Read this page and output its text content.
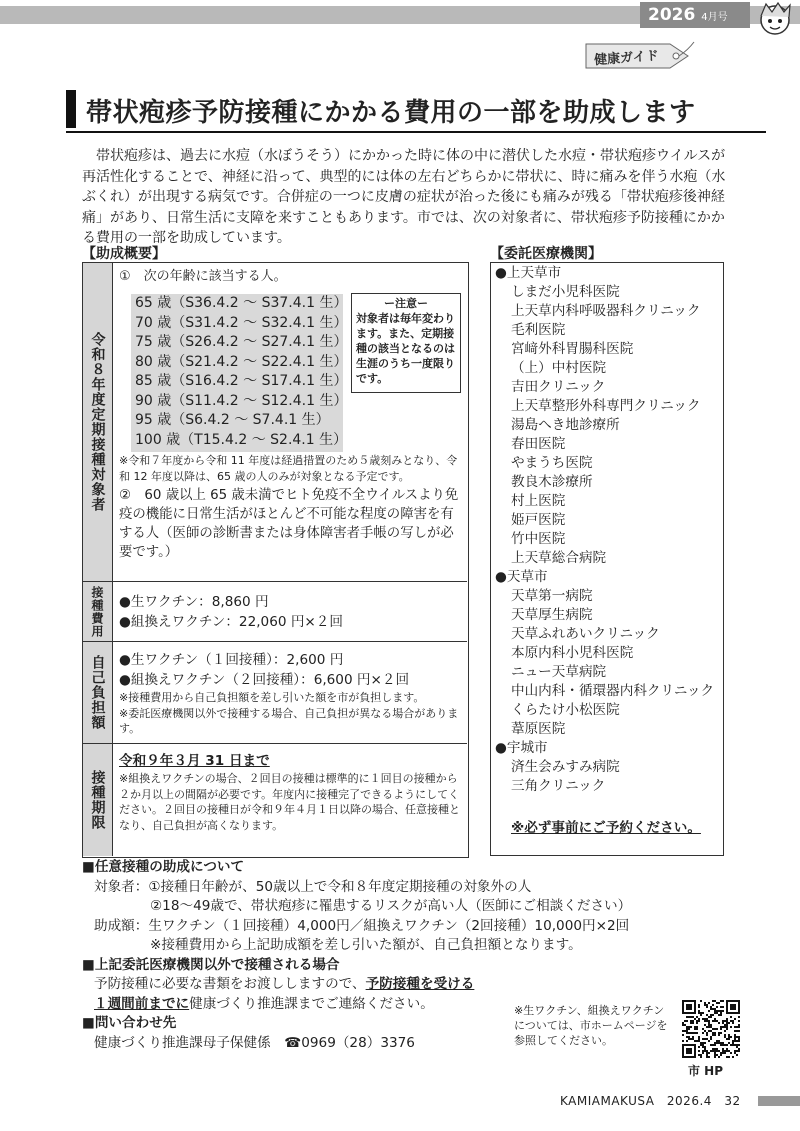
2026 4月号
健康ガイド
帯状疱疹予防接種にかかる費用の一部を助成します

帯状疱疹は、過去に水痘（水ぼうそう）にかかった時に体の中に潜伏した水痘・帯状疱疹ウイルスが再活性化することで、神経に沿って、典型的には体の左右どちらかに帯状に、時に痛みを伴う水疱（水ぶくれ）が出現する病気です。合併症の一つに皮膚の症状が治った後にも痛みが残る「帯状疱疹後神経痛」があり、日常生活に支障を来すこともあります。市では、次の対象者に、帯状疱疹予防接種にかかる費用の一部を助成しています。

【助成概要】	【委託医療機関】
令和８年度定期接種対象者
①　次の年齢に該当する人。
65 歳（S36.4.2 ～ S37.4.1 生）
70 歳（S31.4.2 ～ S32.4.1 生）
75 歳（S26.4.2 ～ S27.4.1 生）
80 歳（S21.4.2 ～ S22.4.1 生）
85 歳（S16.4.2 ～ S17.4.1 生）
90 歳（S11.4.2 ～ S12.4.1 生）
95 歳（S6.4.2 ～ S7.4.1 生）
100 歳（T15.4.2 ～ S2.4.1 生）
ー注意ー
対象者は毎年変わります。また、定期接種の該当となるのは生涯のうち一度限りです。
※令和７年度から令和 11 年度は経過措置のため５歳刻みとなり、令和 12 年度以降は、65 歳の人のみが対象となる予定です。
②　60 歳以上 65 歳未満でヒト免疫不全ウイルスより免疫の機能に日常生活がほとんど不可能な程度の障害を有する人（医師の診断書または身体障害者手帳の写しが必要です。）
接種費用 ●生ワクチン：8,860 円
●組換えワクチン：22,060 円×２回
自己負担額 ●生ワクチン（１回接種）：2,600 円
●組換えワクチン（２回接種）：6,600 円×２回
※接種費用から自己負担額を差し引いた額を市が負担します。
※委託医療機関以外で接種する場合、自己負担が異なる場合があります。
接種期限
令和９年３月 31 日まで
※組換えワクチンの場合、２回目の接種は標準的に１回目の接種から２か月以上の間隔が必要です。年度内に接種完了できるようにしてください。２回目の接種日が令和９年４月１日以降の場合、任意接種となり、自己負担が高くなります。
●上天草市
しまだ小児科医院
上天草内科呼吸器科クリニック
毛利医院
宮﨑外科胃腸科医院
（上）中村医院
吉田クリニック
上天草整形外科専門クリニック
湯島へき地診療所
春田医院
やまうち医院
教良木診療所
村上医院
姫戸医院
竹中医院
上天草総合病院
●天草市
天草第一病院
天草厚生病院
天草ふれあいクリニック
本原内科小児科医院
ニュー天草病院
中山内科・循環器内科クリニック
くらたけ小松医院
葦原医院
●宇城市
済生会みすみ病院
三角クリニック
※必ず事前にご予約ください。
■任意接種の助成について
対象者：①接種日年齢が、50歳以上で令和８年度定期接種の対象外の人
②18～49歳で、帯状疱疹に罹患するリスクが高い人（医師にご相談ください）
助成額：生ワクチン（１回接種）4,000円／組換えワクチン（2回接種）10,000円×2回
※接種費用から上記助成額を差し引いた額が、自己負担額となります。
■上記委託医療機関以外で接種される場合
予防接種に必要な書類をお渡ししますので、予防接種を受ける
１週間前までに健康づくり推進課までご連絡ください。
■問い合わせ先
健康づくり推進課母子保健係　☎0969（28）3376
※生ワクチン、組換えワクチンについては、市ホームページを参照してください。
市 HP
KAMIAMAKUSA　2026.4　32
